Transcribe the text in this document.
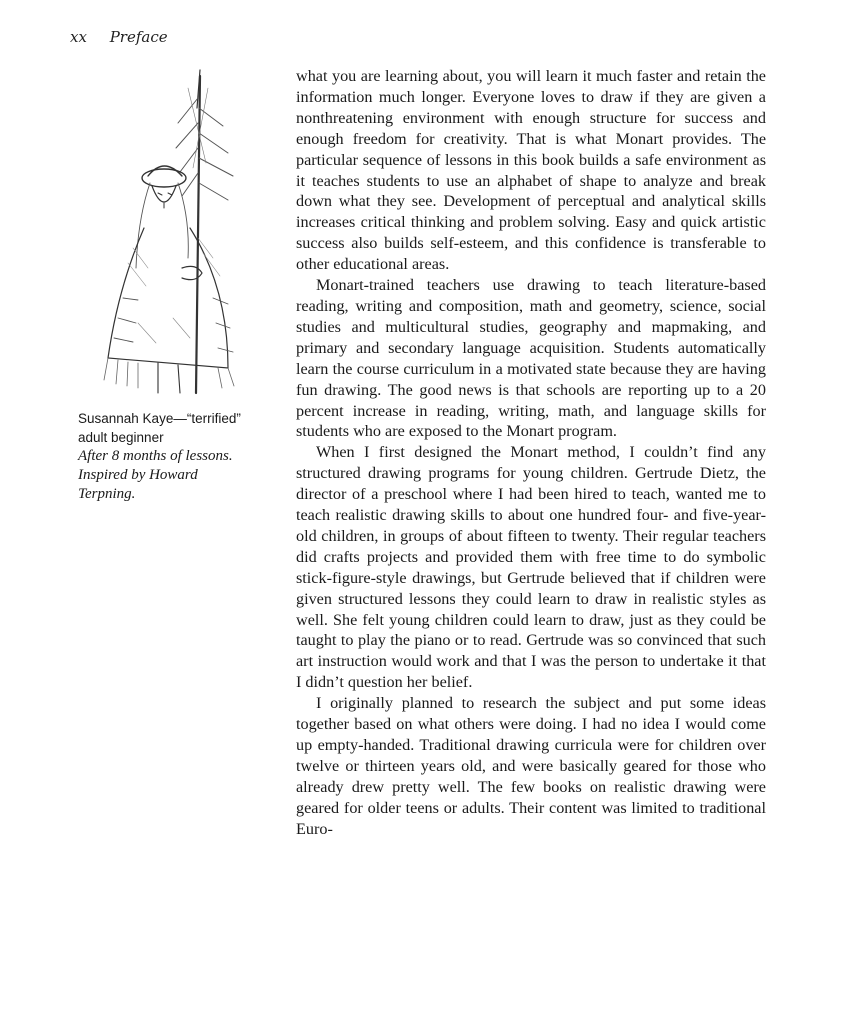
xx Preface
Susannah Kaye—“terrified”
adult beginner
After 8 months of lessons.
Inspired by Howard
Terpning.

what you are learning about, you will learn it much faster and retain the information much longer. Everyone loves to draw if they are given a nonthreatening environment with enough structure for success and enough freedom for creativity. That is what Monart provides. The particular sequence of lessons in this book builds a safe environment as it teaches students to use an alphabet of shape to analyze and break down what they see. Development of perceptual and analytical skills increases critical thinking and problem solving. Easy and quick artistic success also builds self-esteem, and this confidence is transferable to other educational areas.

Monart-trained teachers use drawing to teach literature-based reading, writing and composition, math and geometry, science, social studies and multicultural studies, geography and mapmaking, and primary and secondary language acquisition. Students automatically learn the course curriculum in a motivated state because they are having fun drawing. The good news is that schools are reporting up to a 20 percent increase in reading, writing, math, and language skills for students who are exposed to the Monart program.

When I first designed the Monart method, I couldn’t find any structured drawing programs for young children. Gertrude Dietz, the director of a preschool where I had been hired to teach, wanted me to teach realistic drawing skills to about one hundred four- and five-year-old children, in groups of about fifteen to twenty. Their regular teachers did crafts projects and provided them with free time to do symbolic stick-figure-style drawings, but Gertrude believed that if children were given structured lessons they could learn to draw in realistic styles as well. She felt young children could learn to draw, just as they could be taught to play the piano or to read. Gertrude was so convinced that such art instruction would work and that I was the person to undertake it that I didn’t question her belief.

I originally planned to research the subject and put some ideas together based on what others were doing. I had no idea I would come up empty-handed. Traditional drawing curricula were for children over twelve or thirteen years old, and were basically geared for those who already drew pretty well. The few books on realistic drawing were geared for older teens or adults. Their content was limited to traditional Euro-
